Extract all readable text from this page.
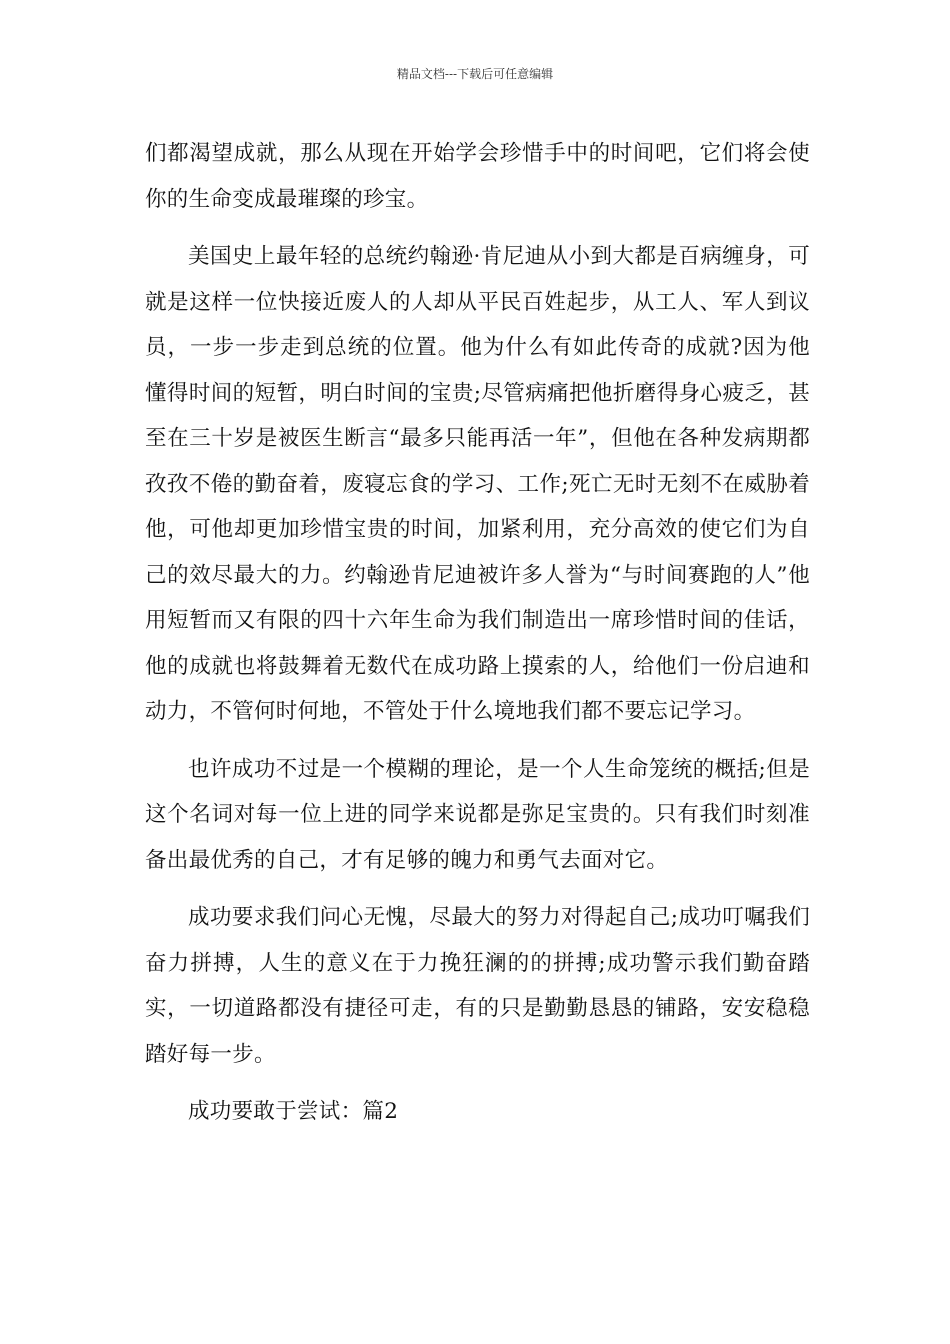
精品文档---下载后可任意编辑

们都渴望成就，那么从现在开始学会珍惜手中的时间吧，它们将会使你的生命变成最璀璨的珍宝。

美国史上最年轻的总统约翰逊·肯尼迪从小到大都是百病缠身，可就是这样一位快接近废人的人却从平民百姓起步，从工人、军人到议员，一步一步走到总统的位置。他为什么有如此传奇的成就?因为他懂得时间的短暂，明白时间的宝贵;尽管病痛把他折磨得身心疲乏，甚至在三十岁是被医生断言“最多只能再活一年”，但他在各种发病期都孜孜不倦的勤奋着，废寝忘食的学习、工作;死亡无时无刻不在威胁着他，可他却更加珍惜宝贵的时间，加紧利用，充分高效的使它们为自己的效尽最大的力。约翰逊肯尼迪被许多人誉为“与时间赛跑的人”他用短暂而又有限的四十六年生命为我们制造出一席珍惜时间的佳话，他的成就也将鼓舞着无数代在成功路上摸索的人，给他们一份启迪和动力，不管何时何地，不管处于什么境地我们都不要忘记学习。

也许成功不过是一个模糊的理论，是一个人生命笼统的概括;但是这个名词对每一位上进的同学来说都是弥足宝贵的。只有我们时刻准备出最优秀的自己，才有足够的魄力和勇气去面对它。

成功要求我们问心无愧，尽最大的努力对得起自己;成功叮嘱我们奋力拼搏，人生的意义在于力挽狂澜的的拼搏;成功警示我们勤奋踏实，一切道路都没有捷径可走，有的只是勤勤恳恳的铺路，安安稳稳踏好每一步。

成功要敢于尝试：篇2
